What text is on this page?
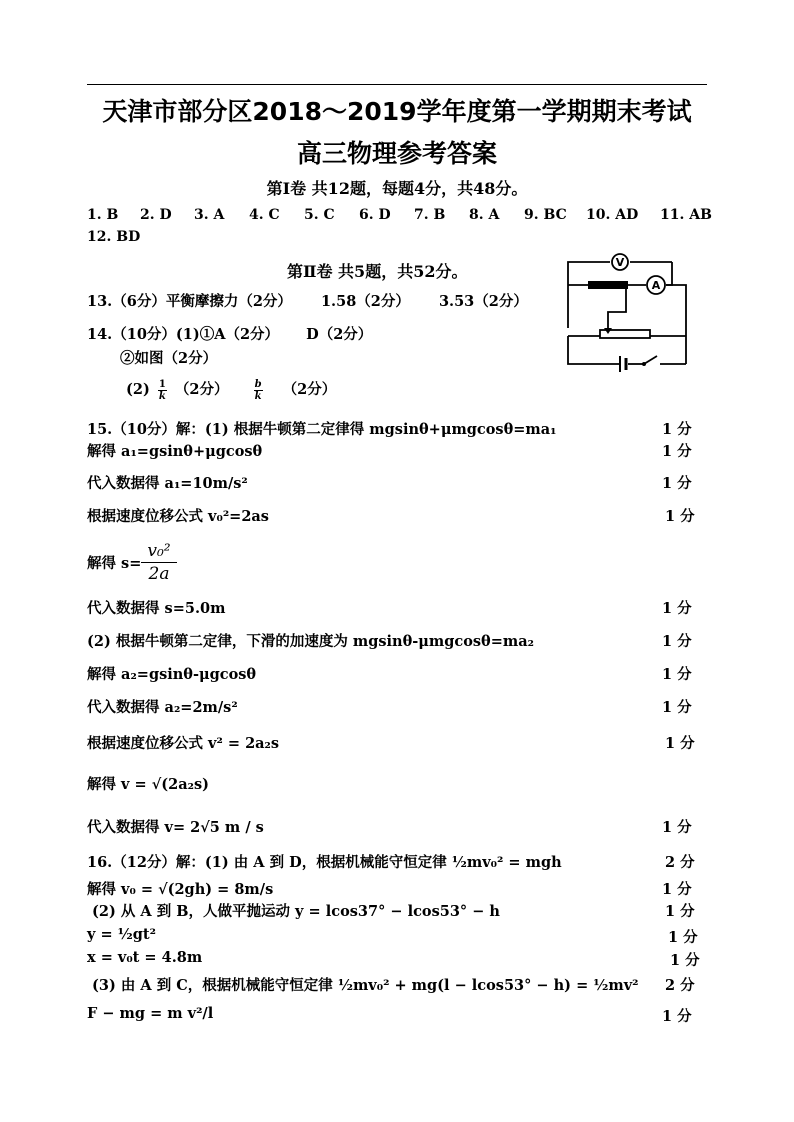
天津市部分区2018～2019学年度第一学期期末考试
高三物理参考答案
第Ⅰ卷 共12题，每题4分，共48分。
1. B 2. D 3. A 4. C 5. C 6. D 7. B 8. A 9. BC 10. AD 11. AB
12. BD
第Ⅱ卷 共5题，共52分。	V
A
13.（6分）平衡摩擦力（2分） 1.58（2分） 3.53（2分）
14.（10分）(1)①A（2分） D（2分）
②如图（2分）
$(2) \frac{1}{k} (2$分）	$\frac{b}{k} (2$分）
15.（10分）解：(1) 根据牛顿第二定律得 mgsinθ+μmgcosθ=ma₁	1 分
解得 a₁=gsinθ+μgcosθ	1 分
代入数据得 a₁=10m/s²	1 分
根据速度位移公式 v₀²=2as	1 分
解得 $s= \frac{\text{v₀²}}{2a}$
代入数据得 s=5.0m	1 分
(2) 根据牛顿第二定律，下滑的加速度为 mgsinθ-μmgcosθ=ma₂	1 分
解得 a₂=gsinθ-μgcosθ	1 分
代入数据得 a₂=2m/s²	1 分
根据速度位移公式 v² = 2a₂s	1 分
解得 v = √(2a₂s)
代入数据得 v= 2√5 m / s	1 分
16.（12分）解：(1) 由 A 到 D，根据机械能守恒定律 ½mv₀² = mgh	2 分
解得 v₀ = √(2gh) = 8m/s	1 分
(2) 从 A 到 B，人做平抛运动 y = lcos37° − lcos53° − h	1 分
y = ½gt²	1 分
x = v₀t = 4.8m	1 分
(3) 由 A 到 C，根据机械能守恒定律 ½mv₀² + mg(l − lcos53° − h) = ½mv² 2 分
F − mg = m v²/l	1 分
